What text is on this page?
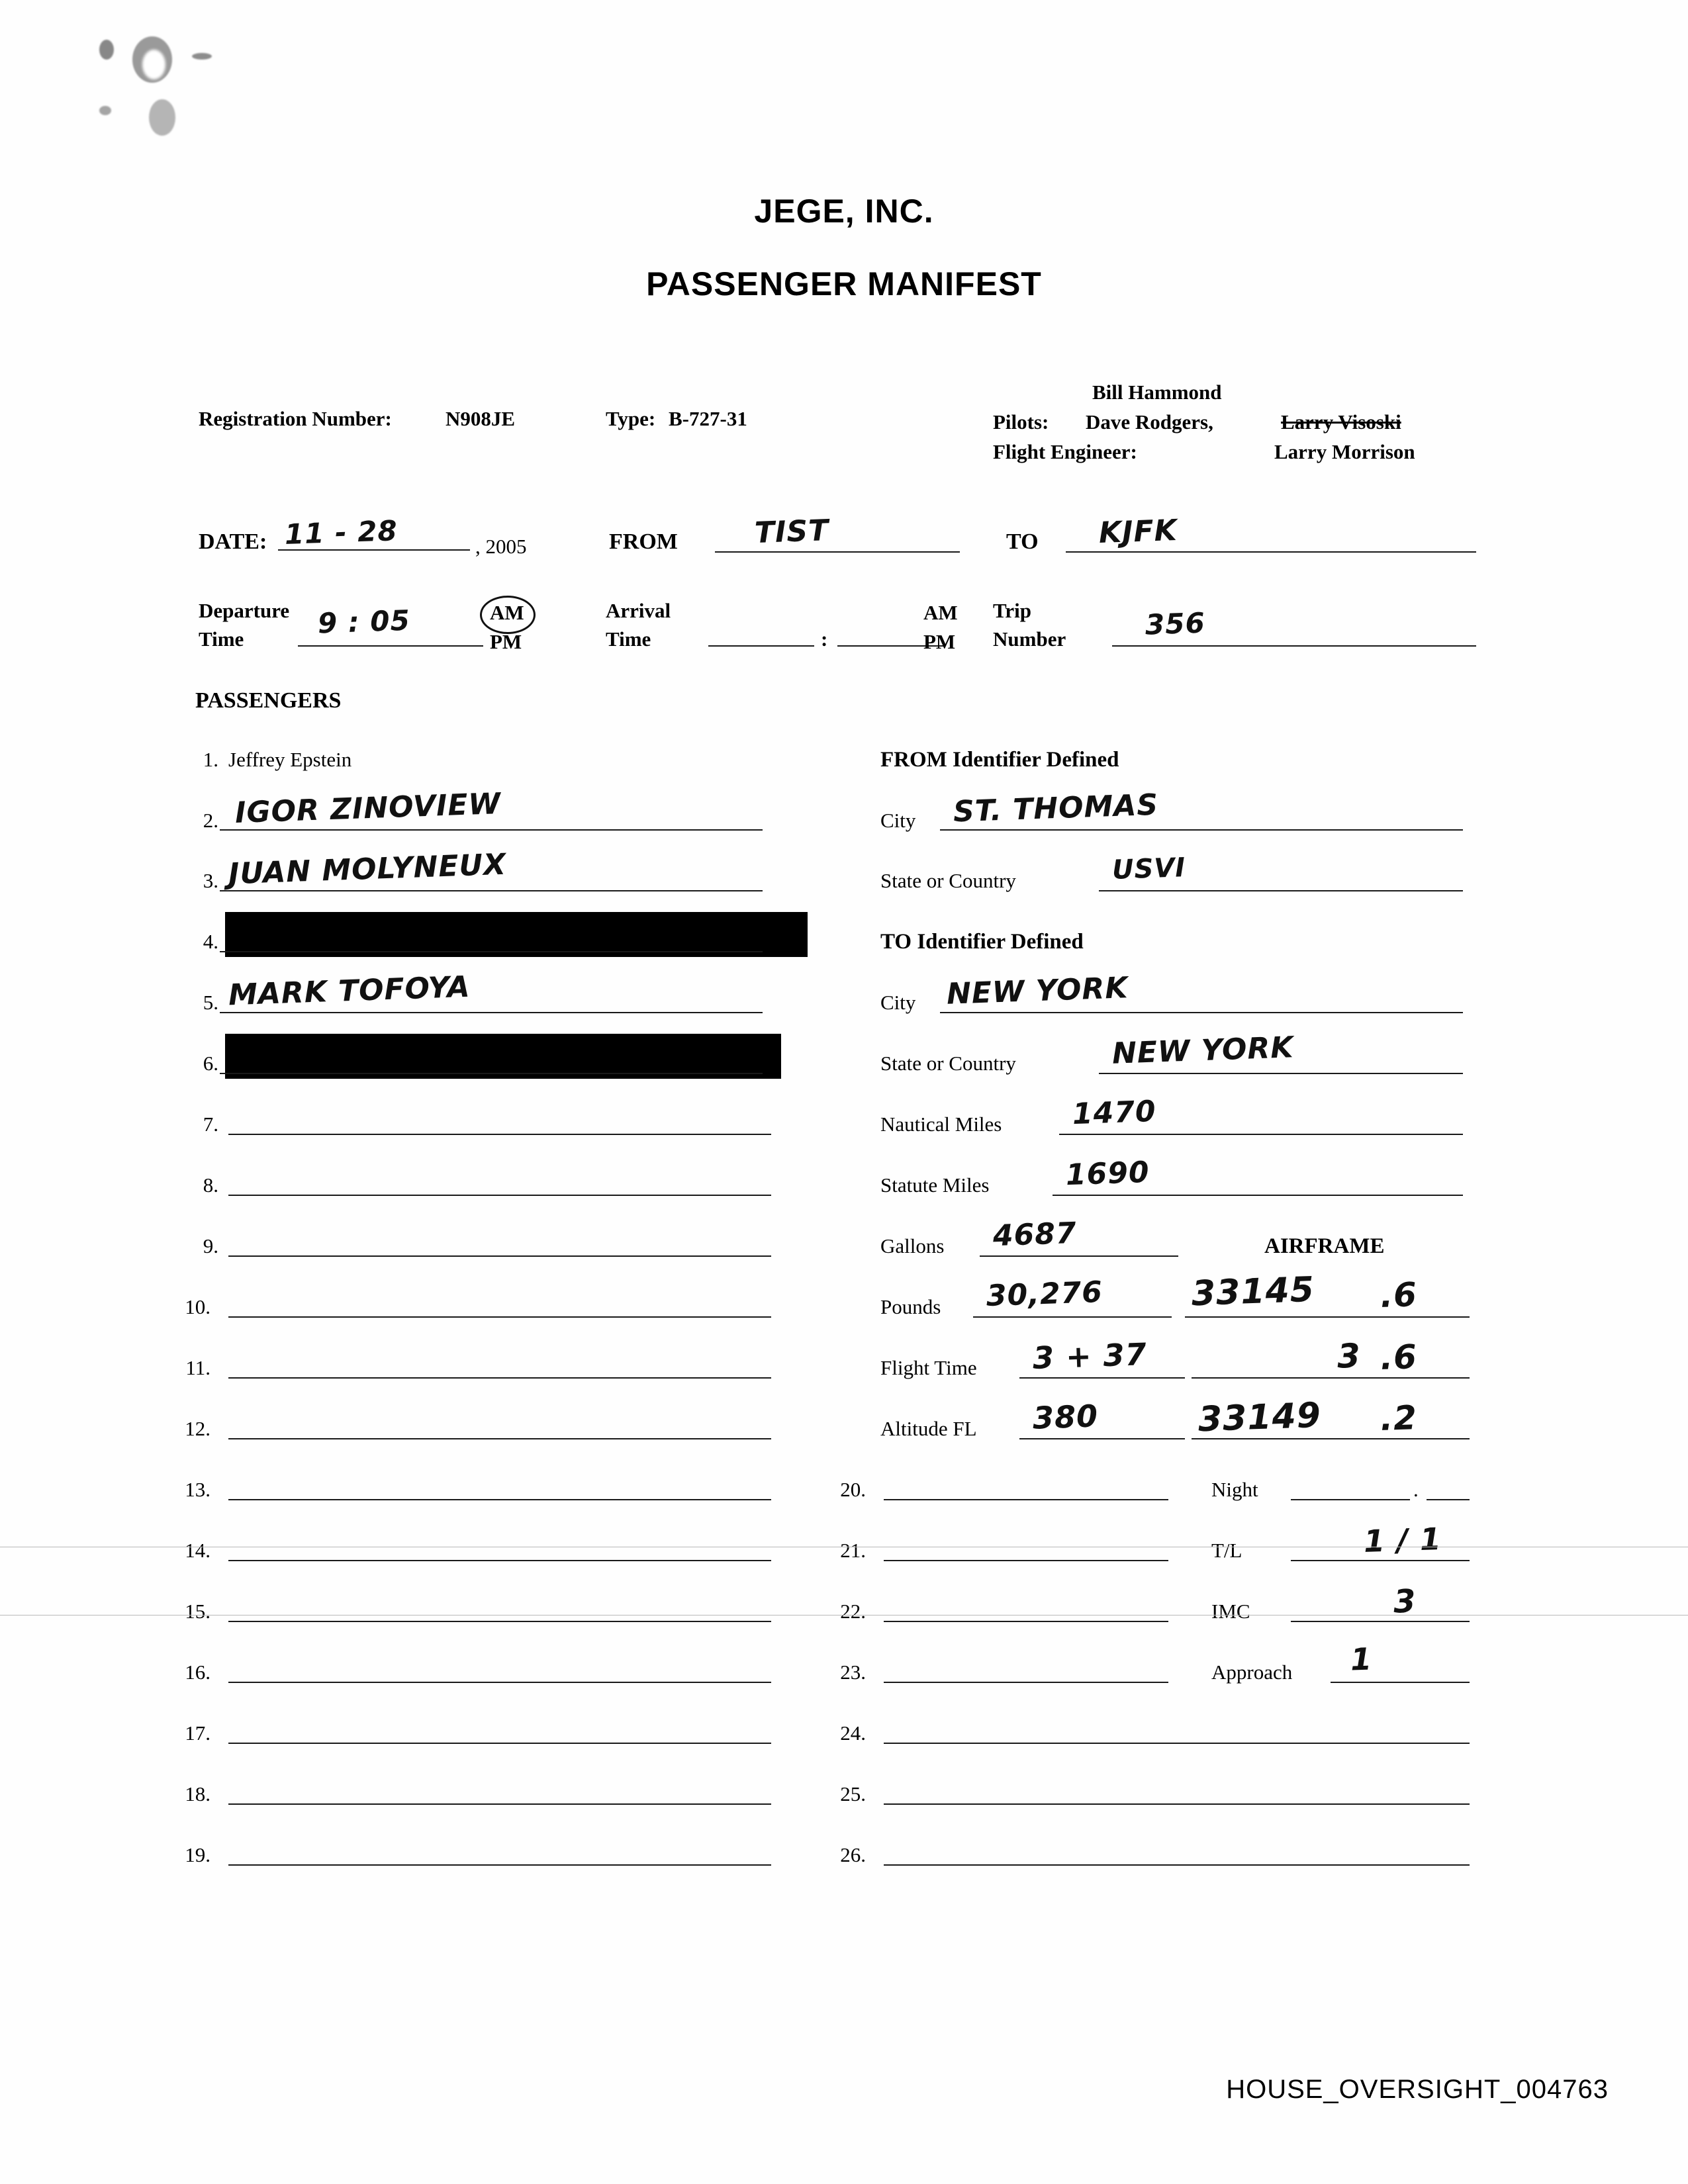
JEGE, INC.
PASSENGER MANIFEST
Registration Number:	N908JE	Type: B-727-31
Bill Hammond
Pilots: Dave Rodgers,	Larry Visoski
Flight Engineer:	Larry Morrison
DATE: 11 - 28	, 2005	FROM	TIST	TO KJFK
Departure
Time	9 : 05	AM
PM
Arrival
Time	:
AM
PM
Trip
Number	356
PASSENGERS
1. Jeffrey Epstein
2. IGOR ZINOVIEW
3. JUAN MOLYNEUX
4.
5. MARK TOFOYA
6.
7.
8.
9.
10.
11.
12.
13.
14.
15.
16.
17.
18.
19.
FROM Identifier Defined
City ST. THOMAS
State or Country	USVI
TO Identifier Defined
City NEW YORK
State or Country	NEW YORK
Nautical Miles 1470
Statute Miles	1690
Gallons 4687	AIRFRAME
Pounds 30,276	33145 .6
Flight Time 3 + 37	3 .6
Altitude FL 380	33149 .2
20.	Night	.
21.	T/L	1 / 1
22.	IMC	3
23.	Approach 1
24.
25.
26.
HOUSE_OVERSIGHT_004763
